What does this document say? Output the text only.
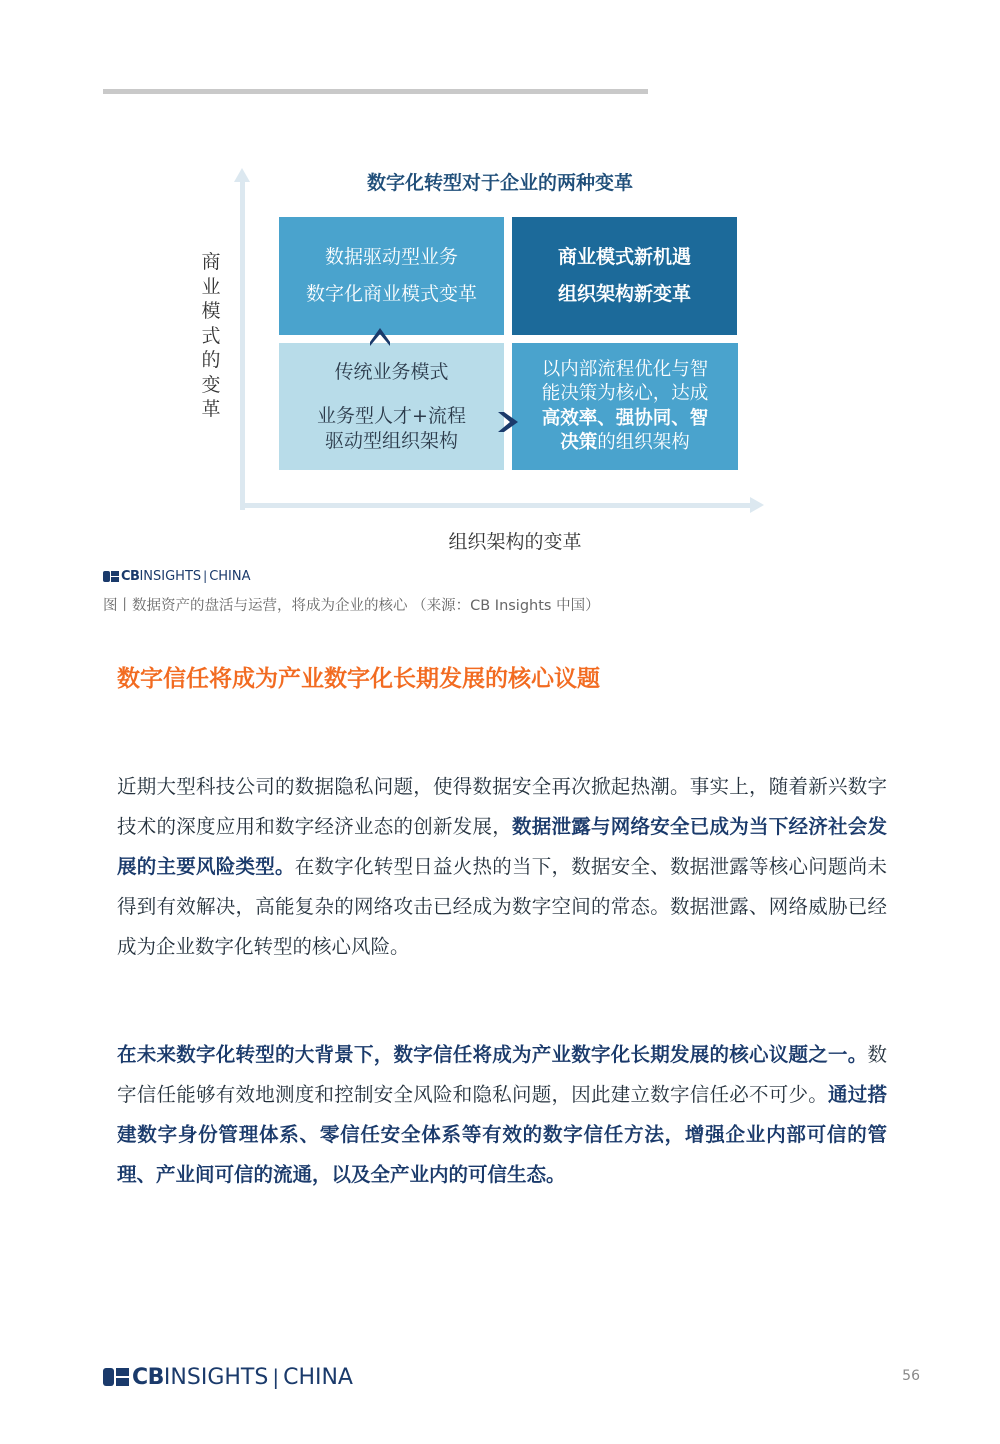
数字化转型对于企业的两种变革
商业模式的变革
组织架构的变革
数据驱动型业务
数字化商业模式变革
商业模式新机遇
组织架构新变革
传统业务模式
业务型人才+流程
驱动型组织架构
以内部流程优化与智
能决策为核心，达成
高效率、强协同、智
决策的组织架构
CB INSIGHTS | CHINA
图丨数据资产的盘活与运营，将成为企业的核心 （来源：CB Insights 中国）
数字信任将成为产业数字化长期发展的核心议题
近期大型科技公司的数据隐私问题，使得数据安全再次掀起热潮。事实上，随着新兴数字技术的深度应用和数字经济业态的创新发展，数据泄露与网络安全已成为当下经济社会发展的主要风险类型。在数字化转型日益火热的当下，数据安全、数据泄露等核心问题尚未得到有效解决，高能复杂的网络攻击已经成为数字空间的常态。数据泄露、网络威胁已经成为企业数字化转型的核心风险。
在未来数字化转型的大背景下，数字信任将成为产业数字化长期发展的核心议题之一。数字信任能够有效地测度和控制安全风险和隐私问题，因此建立数字信任必不可少。通过搭建数字身份管理体系、零信任安全体系等有效的数字信任方法，增强企业内部可信的管理、产业间可信的流通，以及全产业内的可信生态。
CB INSIGHTS | CHINA	56
